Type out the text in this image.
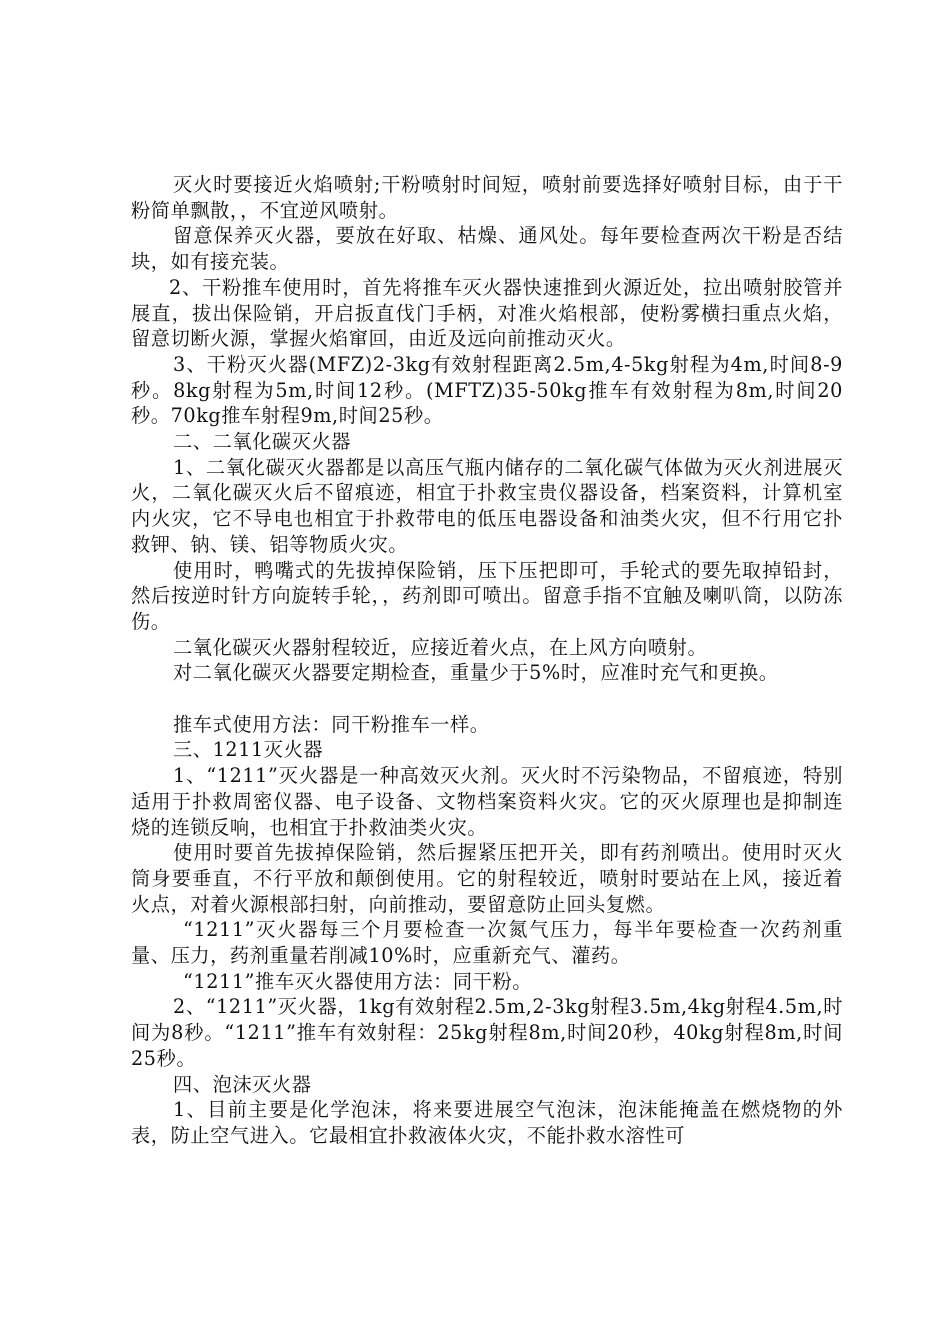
灭火时要接近火焰喷射;干粉喷射时间短，喷射前要选择好喷射目标，由于干粉简单飘散，，不宜逆风喷射。

留意保养灭火器，要放在好取、枯燥、通风处。每年要检查两次干粉是否结块，如有接充装。

2、干粉推车使用时，首先将推车灭火器快速推到火源近处，拉出喷射胶管并展直，拔出保险销，开启扳直伐门手柄，对准火焰根部，使粉雾横扫重点火焰，留意切断火源，掌握火焰窜回，由近及远向前推动灭火。

3、干粉灭火器(MFZ)2-3kg有效射程距离2.5m,4-5kg射程为4m,时间8-9秒。8kg射程为5m,时间12秒。(MFTZ)35-50kg推车有效射程为8m,时间20秒。70kg推车射程9m,时间25秒。

二、二氧化碳灭火器

1、二氧化碳灭火器都是以高压气瓶内储存的二氧化碳气体做为灭火剂进展灭火，二氧化碳灭火后不留痕迹，相宜于扑救宝贵仪器设备，档案资料，计算机室内火灾，它不导电也相宜于扑救带电的低压电器设备和油类火灾，但不行用它扑救钾、钠、镁、铝等物质火灾。

使用时，鸭嘴式的先拔掉保险销，压下压把即可，手轮式的要先取掉铅封，然后按逆时针方向旋转手轮，，药剂即可喷出。留意手指不宜触及喇叭筒，以防冻伤。

二氧化碳灭火器射程较近，应接近着火点，在上风方向喷射。

对二氧化碳灭火器要定期检查，重量少于5%时，应准时充气和更换。

推车式使用方法：同干粉推车一样。

三、1211灭火器

1、“1211”灭火器是一种高效灭火剂。灭火时不污染物品，不留痕迹，特别适用于扑救周密仪器、电子设备、文物档案资料火灾。它的灭火原理也是抑制连烧的连锁反响，也相宜于扑救油类火灾。

使用时要首先拔掉保险销，然后握紧压把开关，即有药剂喷出。使用时灭火筒身要垂直，不行平放和颠倒使用。它的射程较近，喷射时要站在上风，接近着火点，对着火源根部扫射，向前推动，要留意防止回头复燃。

“1211”灭火器每三个月要检查一次氮气压力，每半年要检查一次药剂重量、压力，药剂重量若削减10%时，应重新充气、灌药。

“1211”推车灭火器使用方法：同干粉。

2、“1211”灭火器，1kg有效射程2.5m,2-3kg射程3.5m,4kg射程4.5m,时间为8秒。“1211”推车有效射程：25kg射程8m,时间20秒，40kg射程8m,时间25秒。

四、泡沫灭火器

1、目前主要是化学泡沫，将来要进展空气泡沫，泡沫能掩盖在燃烧物的外表，防止空气进入。它最相宜扑救液体火灾，不能扑救水溶性可
